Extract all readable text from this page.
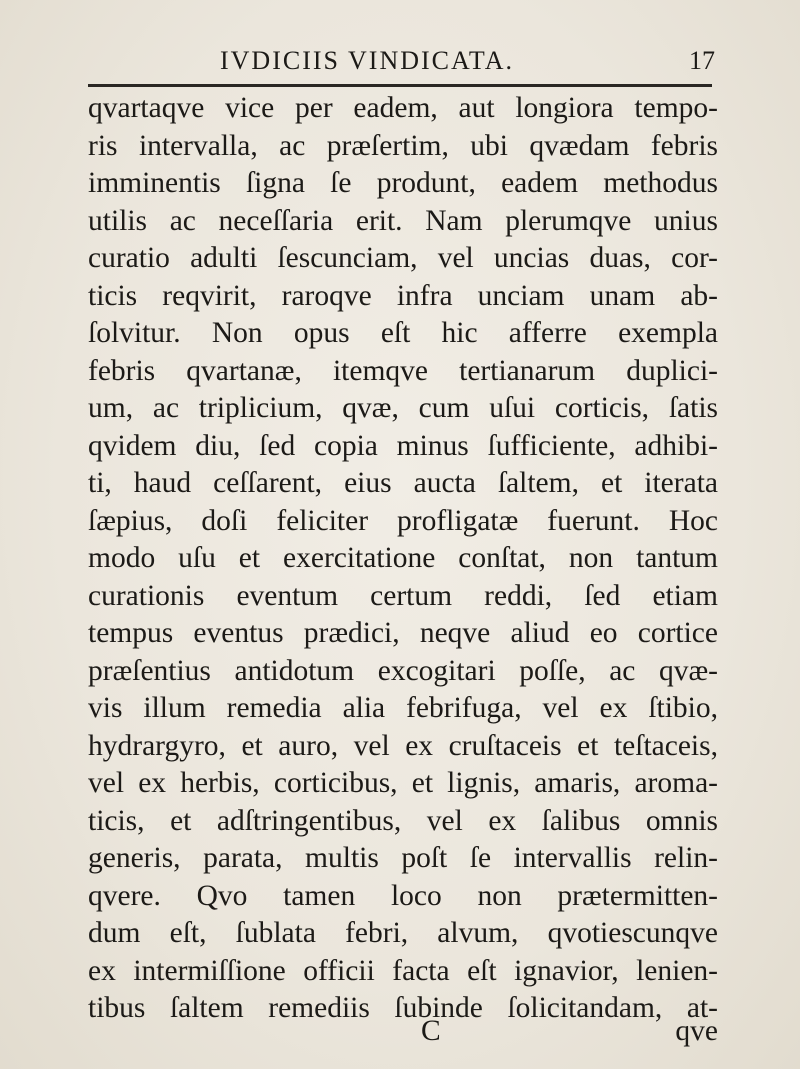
IVDICIIS VINDICATA.	17
qvartaqve vice per eadem, aut longiora tempo-
ris intervalla, ac præſertim, ubi qvædam febris
imminentis ſigna ſe produnt, eadem methodus
utilis ac neceſſaria erit. Nam plerumqve unius
curatio adulti ſescunciam, vel uncias duas, cor-
ticis reqvirit, raroqve infra unciam unam ab-
ſolvitur. Non opus eſt hic afferre exempla
febris qvartanæ, itemqve tertianarum duplici-
um, ac triplicium, qvæ, cum uſui corticis, ſatis
qvidem diu, ſed copia minus ſufficiente, adhibi-
ti, haud ceſſarent, eius aucta ſaltem, et iterata
ſæpius, doſi feliciter profligatæ fuerunt. Hoc
modo uſu et exercitatione conſtat, non tantum
curationis eventum certum reddi, ſed etiam
tempus eventus prædici, neqve aliud eo cortice
præſentius antidotum excogitari poſſe, ac qvæ-
vis illum remedia alia febrifuga, vel ex ſtibio,
hydrargyro, et auro, vel ex cruſtaceis et teſtaceis,
vel ex herbis, corticibus, et lignis, amaris, aroma-
ticis, et adſtringentibus, vel ex ſalibus omnis
generis, parata, multis poſt ſe intervallis relin-
qvere. Qvo tamen loco non prætermitten-
dum eſt, ſublata febri, alvum, qvotiescunqve
ex intermiſſione officii facta eſt ignavior, lenien-
tibus ſaltem remediis ſubinde ſolicitandam, at-
C	qve
